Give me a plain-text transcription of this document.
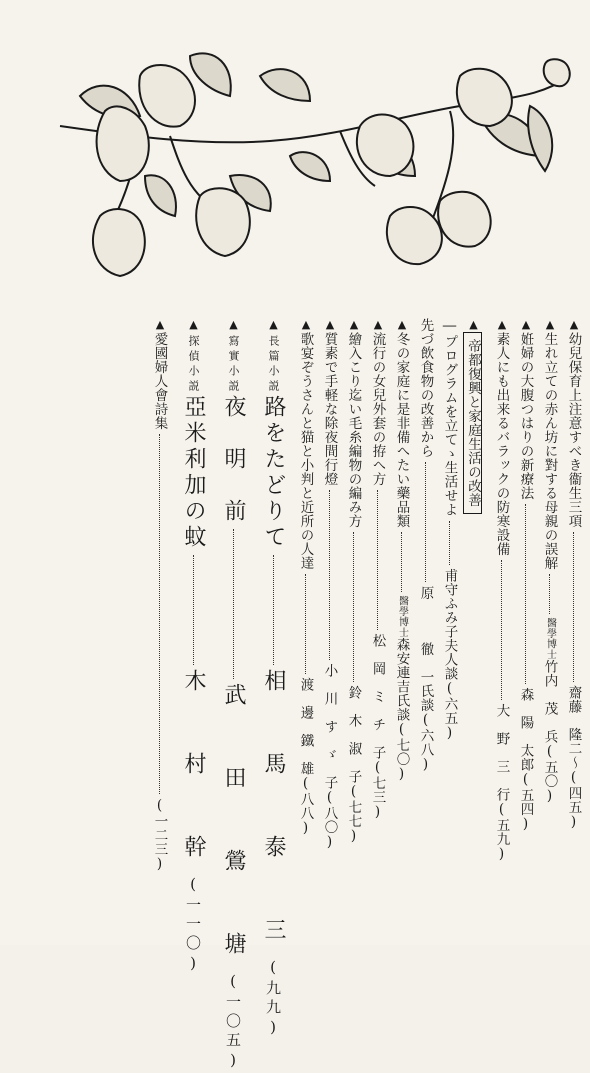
▲幼兒保育上注意すべき衞生三項齋藤　隆二〜(四五)
▲生れ立ての赤ん坊に對する母親の誤解醫學博士竹内　茂　兵(五〇)
▲姙婦の大腹つはりの新療法森　陽　太郎(五四)
▲素人にも出来るバラックの防寒設備大　野　三　行(五九)
▲帝都復興と家庭生活の改善
―プログラムを立てゝ生活せよ甫守ふみ子夫人談(六五)
先づ飲食物の改善から原　　　徹　一氏談(六八)
▲冬の家庭に是非備へたい藥品類醫學博士森安連吉氏談(七〇)
▲流行の女兒外套の拵へ方松　岡　ミ　チ　子(七三)
▲繪入こり迄い毛糸編物の編み方鈴　木　淑　子(七七)
▲質素で手軽な除夜間行燈小　川　す　ゞ　子(八〇)
▲歌宴ぞうさんと猫と小判と近所の人達渡　邊　鐵　雄(八八)
▲長篇小説路をたどりて相 馬 泰 三(九九)
▲寫實小説夜　明　前武 田 鶯 塘(一〇五)
▲探偵小説亞米利加の蚊木 村 幹(一一〇)
▲愛國婦人會詩集(一二三)
